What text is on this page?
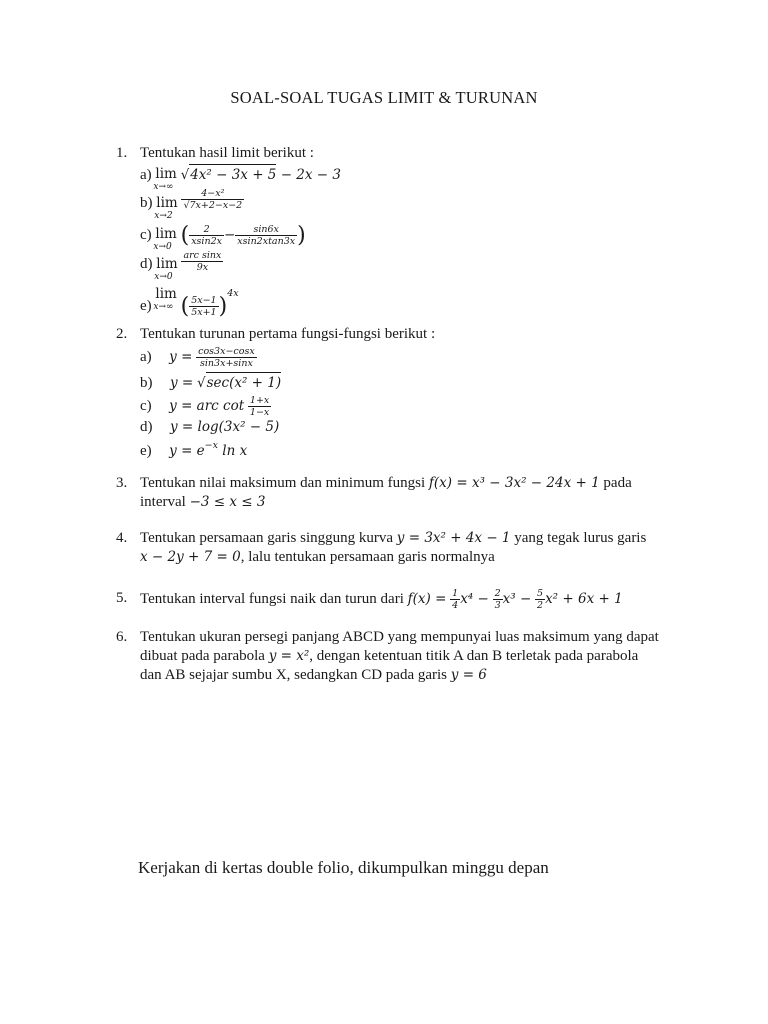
SOAL-SOAL TUGAS LIMIT & TURUNAN
1. Tentukan hasil limit berikut :
a) lim
x→∞
√4x² − 3x + 5 − 2x − 3
b) lim
x→2

$\frac{\text{4−x²}}{√7x+2-x-2}$
c) lim
x→0 ( $\frac{2}{xsin2x} - \frac{\sin 6x}{xsin2xtan3x}$ )
d) lim
x→0

$\frac{\text{arc sinx}}{9x}$
e) lim
x→∞ ( $\frac{5x-1}{5x+1} )^{4x}$
2. Tentukan turunan pertama fungsi-fungsi berikut :
a) $y = \frac{\cos 3x-\cos x}{\sin 3x+\sin x}$
b) y = √sec(x² + 1)
c) y = arc $\cot \frac{1+x}{1-x}$
d) y = log(3x² − 5)
e) $y = e^{-x}$ ln x
3. Tentukan nilai maksimum dan minimum fungsi f(x) = x³ − 3x² − 24x + 1 pada
interval −3 ≤ x ≤ 3
4. Tentukan persamaan garis singgung kurva y = 3x² + 4x − 1 yang tegak lurus garis
x − 2y + 7 = 0, lalu tentukan persamaan garis normalnya
5. Tentukan interval fungsi naik dan turun dari $f(x) = \frac{1}{4} x^4 - \frac{2}{3} x^3 - \frac{5}{2} x^2 + 6x + 1$
6. Tentukan ukuran persegi panjang ABCD yang mempunyai luas maksimum yang dapat
dibuat pada parabola y = x², dengan ketentuan titik A dan B terletak pada parabola
dan AB sejajar sumbu X, sedangkan CD pada garis y = 6
Kerjakan di kertas double folio, dikumpulkan minggu depan
